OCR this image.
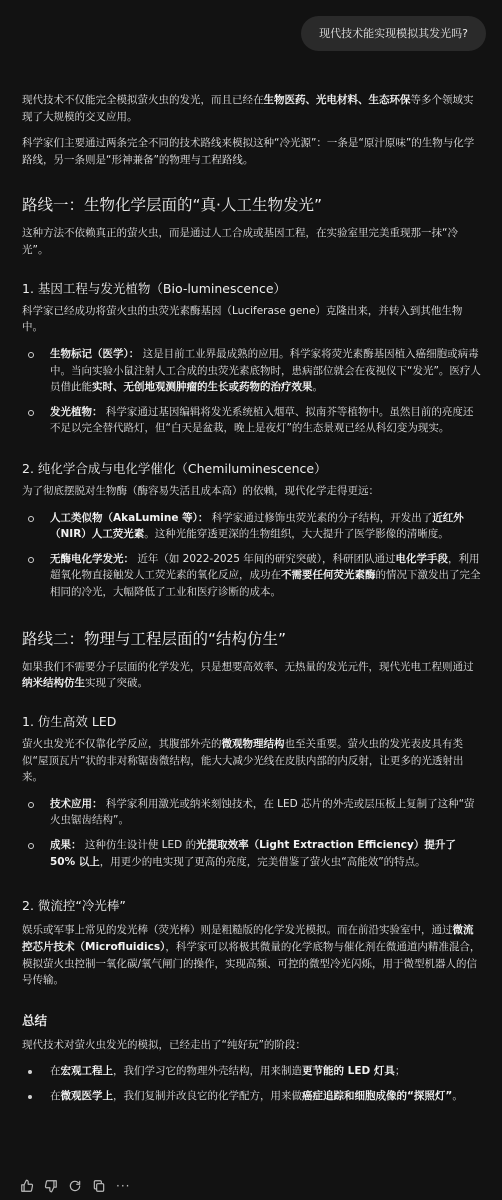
现代技术能实现模拟其发光吗?

现代技术不仅能完全模拟萤火虫的发光，而且已经在生物医药、光电材料、生态环保等多个领域实现了大规模的交叉应用。

科学家们主要通过两条完全不同的技术路线来模拟这种“冷光源”：一条是“原汁原味”的生物与化学路线，另一条则是“形神兼备”的物理与工程路线。

路线一：生物化学层面的“真·人工生物发光”

这种方法不依赖真正的萤火虫，而是通过人工合成或基因工程，在实验室里完美重现那一抹“冷光”。

1. 基因工程与发光植物（Bio-luminescence）

科学家已经成功将萤火虫的虫荧光素酶基因（Luciferase gene）克隆出来，并转入到其他生物中。

生物标记（医学）： 这是目前工业界最成熟的应用。科学家将荧光素酶基因植入癌细胞或病毒中。当向实验小鼠注射人工合成的虫荧光素底物时，患病部位就会在夜视仪下“发光”。医疗人员借此能实时、无创地观测肿瘤的生长或药物的治疗效果。
发光植物： 科学家通过基因编辑将发光系统植入烟草、拟南芥等植物中。虽然目前的亮度还不足以完全替代路灯，但“白天是盆栽，晚上是夜灯”的生态景观已经从科幻变为现实。
2. 纯化学合成与电化学催化（Chemiluminescence）

为了彻底摆脱对生物酶（酶容易失活且成本高）的依赖，现代化学走得更远：

人工类似物（AkaLumine 等）： 科学家通过修饰虫荧光素的分子结构，开发出了近红外（NIR）人工荧光素。这种光能穿透更深的生物组织，大大提升了医学影像的清晰度。
无酶电化学发光： 近年（如 2022-2025 年间的研究突破），科研团队通过电化学手段，利用超氧化物直接触发人工荧光素的氧化反应，成功在不需要任何荧光素酶的情况下激发出了完全相同的冷光，大幅降低了工业和医疗诊断的成本。
路线二：物理与工程层面的“结构仿生”

如果我们不需要分子层面的化学发光，只是想要高效率、无热量的发光元件，现代光电工程则通过纳米结构仿生实现了突破。

1. 仿生高效 LED

萤火虫发光不仅靠化学反应，其腹部外壳的微观物理结构也至关重要。萤火虫的发光表皮具有类似“屋顶瓦片”状的非对称锯齿微结构，能大大减少光线在皮肤内部的内反射，让更多的光透射出来。

技术应用： 科学家利用激光或纳米刻蚀技术，在 LED 芯片的外壳或层压板上复制了这种“萤火虫锯齿结构”。
成果： 这种仿生设计使 LED 的光提取效率（Light Extraction Efficiency）提升了 50% 以上，用更少的电实现了更高的亮度，完美借鉴了萤火虫“高能效”的特点。
2. 微流控“冷光棒”

娱乐或军事上常见的发光棒（荧光棒）则是粗糙版的化学发光模拟。而在前沿实验室中，通过微流控芯片技术（Microfluidics），科学家可以将极其微量的化学底物与催化剂在微通道内精准混合，模拟萤火虫控制一氧化碳/氧气闸门的操作，实现高频、可控的微型冷光闪烁，用于微型机器人的信号传输。

总结

现代技术对萤火虫发光的模拟，已经走出了“纯好玩”的阶段：

在宏观工程上，我们学习它的物理外壳结构，用来制造更节能的 LED 灯具；
在微观医学上，我们复制并改良它的化学配方，用来做癌症追踪和细胞成像的“探照灯”。
···
